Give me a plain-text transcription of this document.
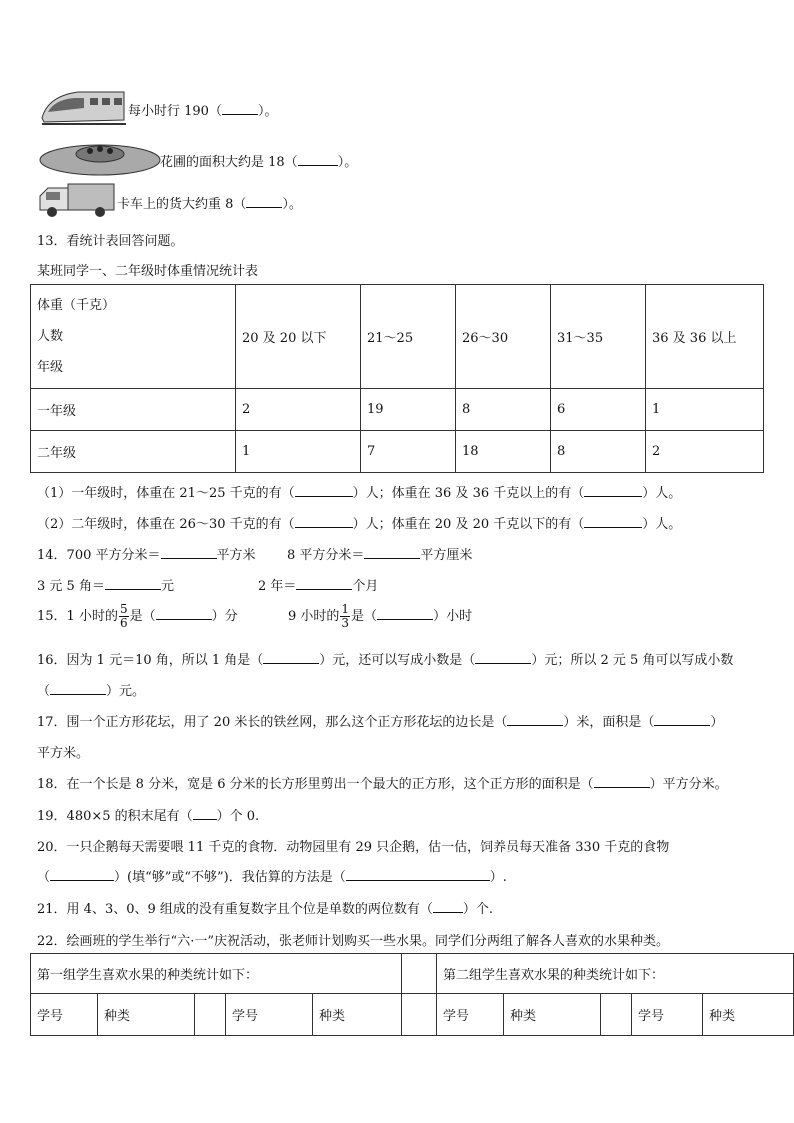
每小时行 190（	）。
花圃的面积大约是 18（	）。
卡车上的货大约重 8（	）。
13．看统计表回答问题。
某班同学一、二年级时体重情况统计表
体重（千克）
人数
年级	20 及 20 以下	21～25	26～30	31～35	36 及 36 以上
一年级	2	19	8	6	1
二年级	1	7	18	8	2
（1）一年级时，体重在 21～25 千克的有（	）人；体重在 36 及 36 千克以上的有（	）人。
（2）二年级时，体重在 26～30 千克的有（	）人；体重在 20 及 20 千克以下的有（	）人。
14．700 平方分米＝	平方米 8 平方分米＝	平方厘米
3 元 5 角＝	元	2 年＝	个月
15．1 小时的 $\frac{5}{6}$ 是（	）分	9 小时的 $\frac{1}{3}$ 是（	）小时
16．因为 1 元＝10 角，所以 1 角是（	）元，还可以写成小数是（	）元；所以 2 元 5 角可以写成小数
（	）元。
17．围一个正方形花坛，用了 20 米长的铁丝网，那么这个正方形花坛的边长是（	）米，面积是（	）
平方米。
18．在一个长是 8 分米，宽是 6 分米的长方形里剪出一个最大的正方形，这个正方形的面积是（	）平方分米。
19．480×5 的积末尾有（ ）个 0.
20．一只企鹅每天需要喂 11 千克的食物．动物园里有 29 只企鹅，估一估，饲养员每天准备 330 千克的食物
（	）(填“够”或“不够”)．我估算的方法是（	）.
21．用 4、3、0、9 组成的没有重复数字且个位是单数的两位数有（ ）个.
22．绘画班的学生举行“六·一”庆祝活动，张老师计划购买一些水果。同学们分两组了解各人喜欢的水果种类。
第一组学生喜欢水果的种类统计如下：						第二组学生喜欢水果的种类统计如下：				
学号	种类		学号	种类		学号	种类		学号	种类
